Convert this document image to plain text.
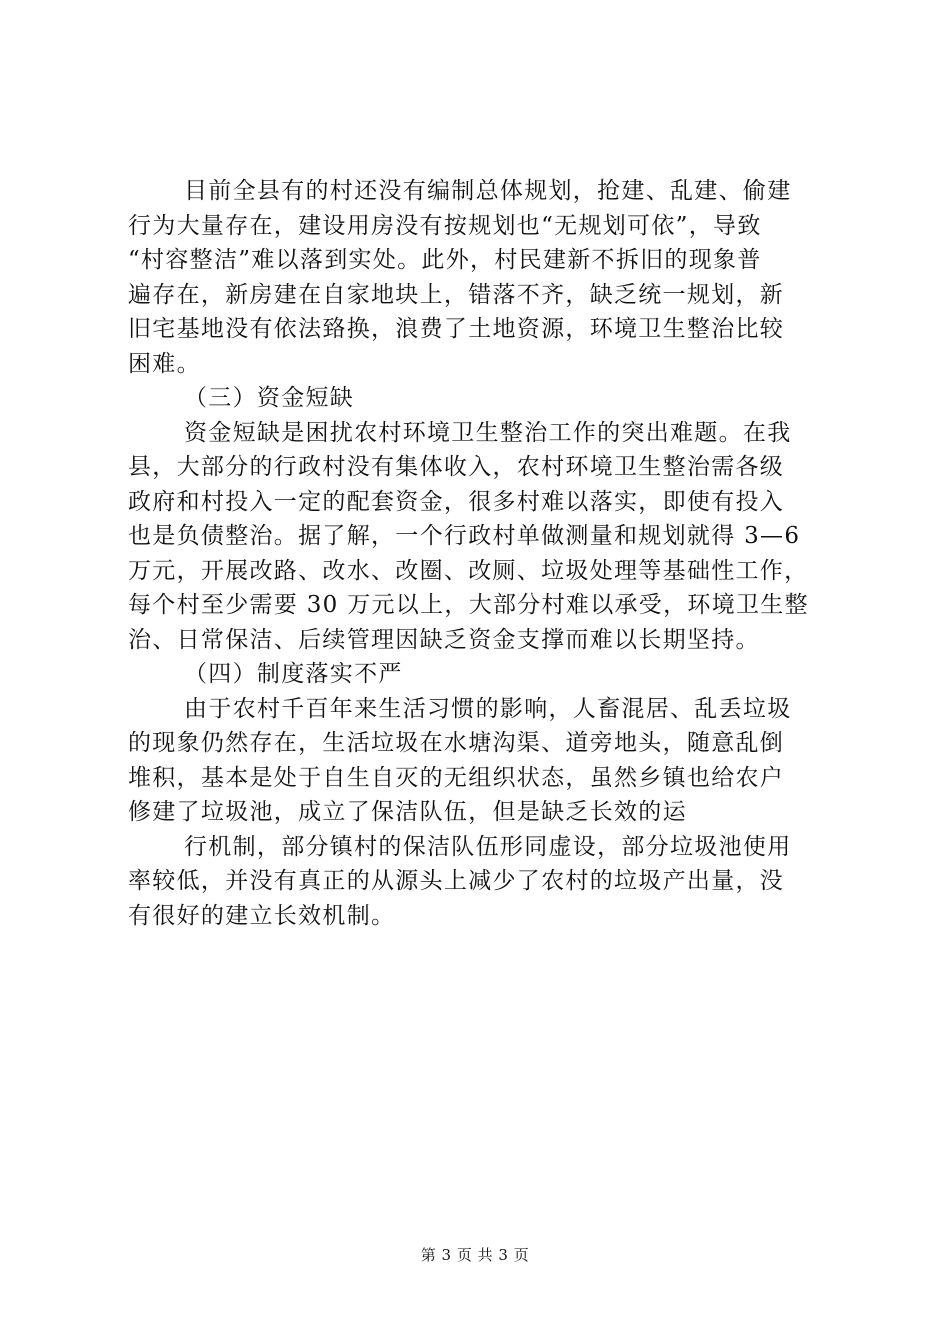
目前全县有的村还没有编制总体规划，抢建、乱建、偷建
行为大量存在，建设用房没有按规划也“无规划可依”，导致
“村容整洁”难以落到实处。此外，村民建新不拆旧的现象普
遍存在，新房建在自家地块上，错落不齐，缺乏统一规划，新
旧宅基地没有依法臵换，浪费了土地资源，环境卫生整治比较
困难。
（三）资金短缺
资金短缺是困扰农村环境卫生整治工作的突出难题。在我
县，大部分的行政村没有集体收入，农村环境卫生整治需各级
政府和村投入一定的配套资金，很多村难以落实，即使有投入
也是负债整治。据了解，一个行政村单做测量和规划就得 3—6
万元，开展改路、改水、改圈、改厕、垃圾处理等基础性工作，
每个村至少需要 30 万元以上，大部分村难以承受，环境卫生整
治、日常保洁、后续管理因缺乏资金支撑而难以长期坚持。
（四）制度落实不严
由于农村千百年来生活习惯的影响，人畜混居、乱丢垃圾
的现象仍然存在，生活垃圾在水塘沟渠、道旁地头，随意乱倒
堆积，基本是处于自生自灭的无组织状态，虽然乡镇也给农户
修建了垃圾池，成立了保洁队伍，但是缺乏长效的运
行机制，部分镇村的保洁队伍形同虚设，部分垃圾池使用
率较低，并没有真正的从源头上减少了农村的垃圾产出量，没
有很好的建立长效机制。
第 3 页 共 3 页
